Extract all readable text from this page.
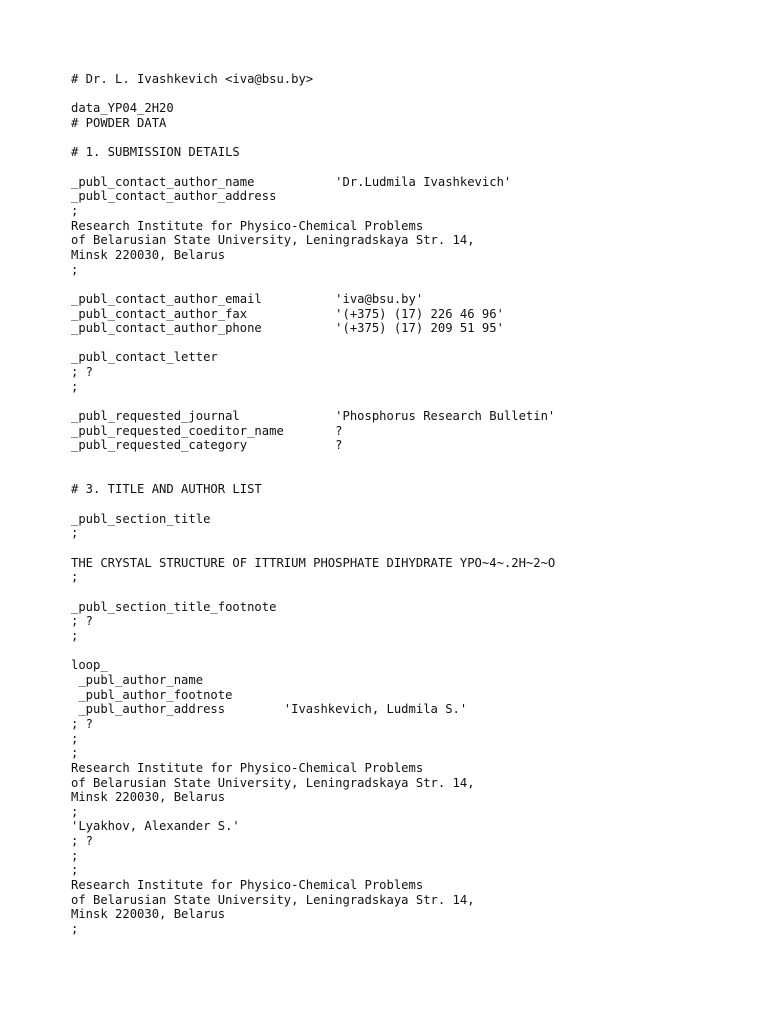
# Dr. L. Ivashkevich <iva@bsu.by>

data_YP04_2H20
# POWDER DATA

# 1. SUBMISSION DETAILS

_publ_contact_author_name           'Dr.Ludmila Ivashkevich'
_publ_contact_author_address
;
Research Institute for Physico-Chemical Problems
of Belarusian State University, Leningradskaya Str. 14,
Minsk 220030, Belarus
;

_publ_contact_author_email          'iva@bsu.by'
_publ_contact_author_fax            '(+375) (17) 226 46 96'
_publ_contact_author_phone          '(+375) (17) 209 51 95'

_publ_contact_letter
; ?
;

_publ_requested_journal             'Phosphorus Research Bulletin'
_publ_requested_coeditor_name       ?
_publ_requested_category            ?

# 3. TITLE AND AUTHOR LIST

_publ_section_title
;

THE CRYSTAL STRUCTURE OF ITTRIUM PHOSPHATE DIHYDRATE YPO~4~.2H~2~O
;

_publ_section_title_footnote
; ?
;

loop_
_publ_author_name
_publ_author_footnote
_publ_author_address        'Ivashkevich, Ludmila S.'
; ?
;
;
Research Institute for Physico-Chemical Problems
of Belarusian State University, Leningradskaya Str. 14,
Minsk 220030, Belarus
;
'Lyakhov, Alexander S.'
; ?
;
;
Research Institute for Physico-Chemical Problems
of Belarusian State University, Leningradskaya Str. 14,
Minsk 220030, Belarus
;
